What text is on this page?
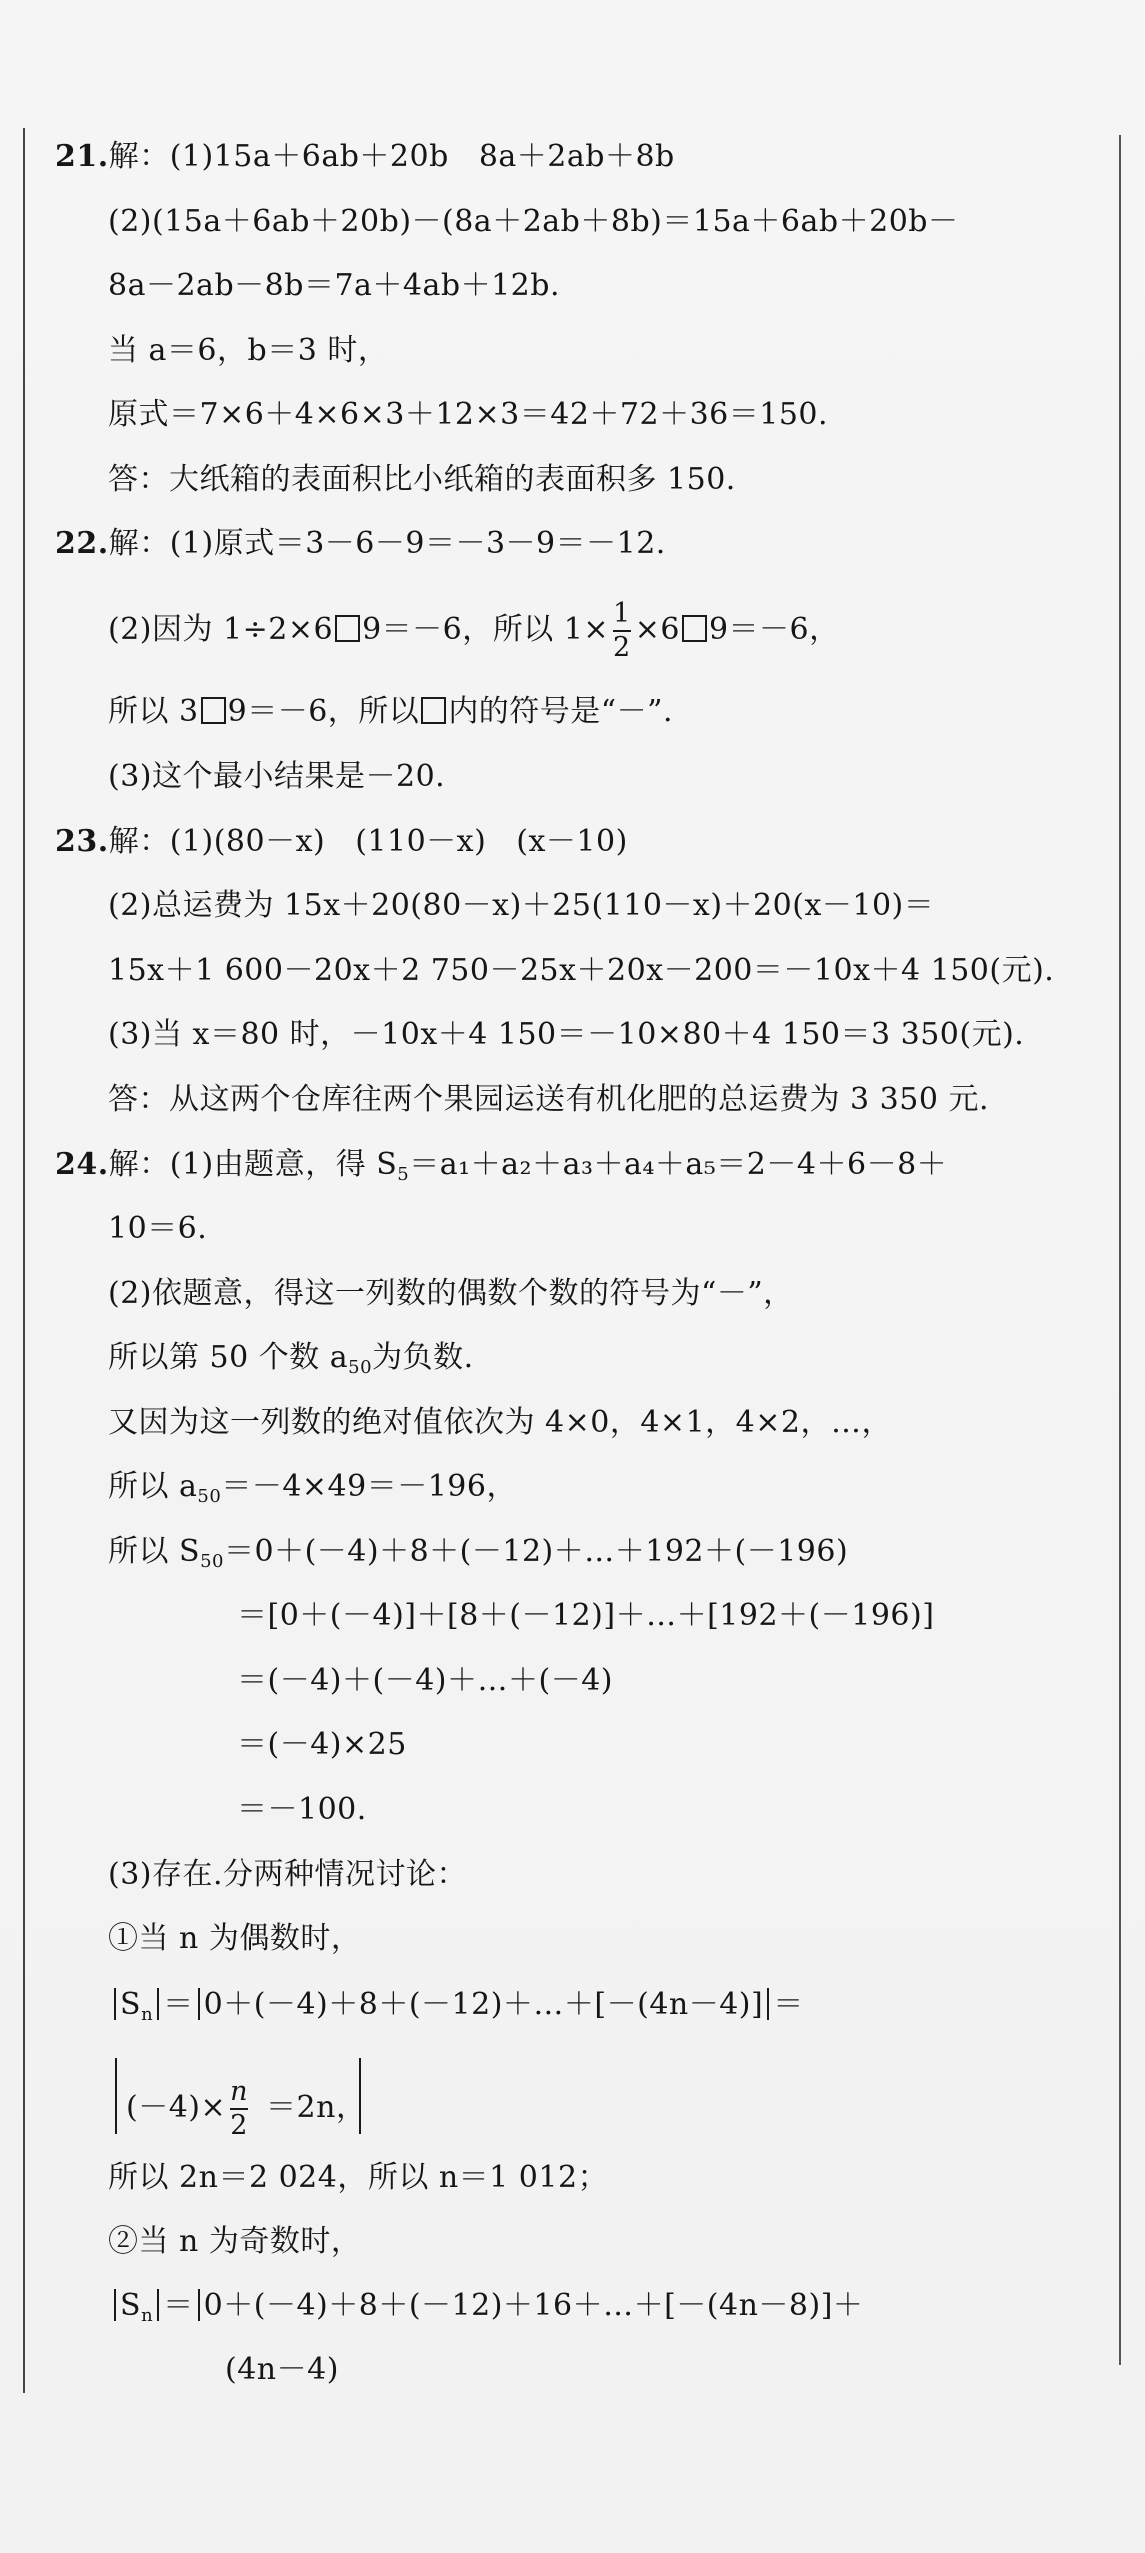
21.解：(1)15a＋6ab＋20b 8a＋2ab＋8b
(2)(15a＋6ab＋20b)－(8a＋2ab＋8b)＝15a＋6ab＋20b－
8a－2ab－8b＝7a＋4ab＋12b.
当 a＝6，b＝3 时，
原式＝7×6＋4×6×3＋12×3＝42＋72＋36＝150.
答：大纸箱的表面积比小纸箱的表面积多 150.
22.解：(1)原式＝3－6－9＝－3－9＝－12.
(2)因为 1÷2×6 9＝－6，所以 $1\times \frac{1}{2} \times 6$ 9＝－6，
所以 3 9＝－6，所以 内的符号是“－”.
(3)这个最小结果是－20.
23.解：(1)(80－x) (110－x) (x－10)
(2)总运费为 15x＋20(80－x)＋25(110－x)＋20(x－10)＝
15x＋1 600－20x＋2 750－25x＋20x－200＝－10x＋4 150(元).
(3)当 x＝80 时，－10x＋4 150＝－10×80＋4 150＝3 350(元).
答：从这两个仓库往两个果园运送有机化肥的总运费为 3 350 元.
24.解：(1)由题意，得 $S_5=a_1+a_2+a_3+a_4+a_5=2-4+6-8+$
10＝6.
(2)依题意，得这一列数的偶数个数的符号为“－”，
所以第 50 个数 $a_{50}$为负数.
又因为这一列数的绝对值依次为 4×0，4×1，4×2，…，
所以 $a_{50}=-4\times 49=-196$，
所以 $S_{50}=0+(-4)+8+(-12)+\dots+192+(-196)$
＝[0＋(－4)]＋[8＋(－12)]＋…＋[192＋(－196)]
＝(－4)＋(－4)＋…＋(－4)
＝(－4)×25
＝－100.
(3)存在.分两种情况讨论：
①当 n 为偶数时，
$S_n$ ＝ 0＋(－4)＋8＋(－12)＋…＋[－(4n－4)] ＝
$(-4)\times \frac{n}{2} =2n$，
所以 2n＝2 024，所以 n＝1 012；
②当 n 为奇数时，
$S_n$ ＝ 0＋(－4)＋8＋(－12)＋16＋…＋[－(4n－8)]＋
(4n－4)
